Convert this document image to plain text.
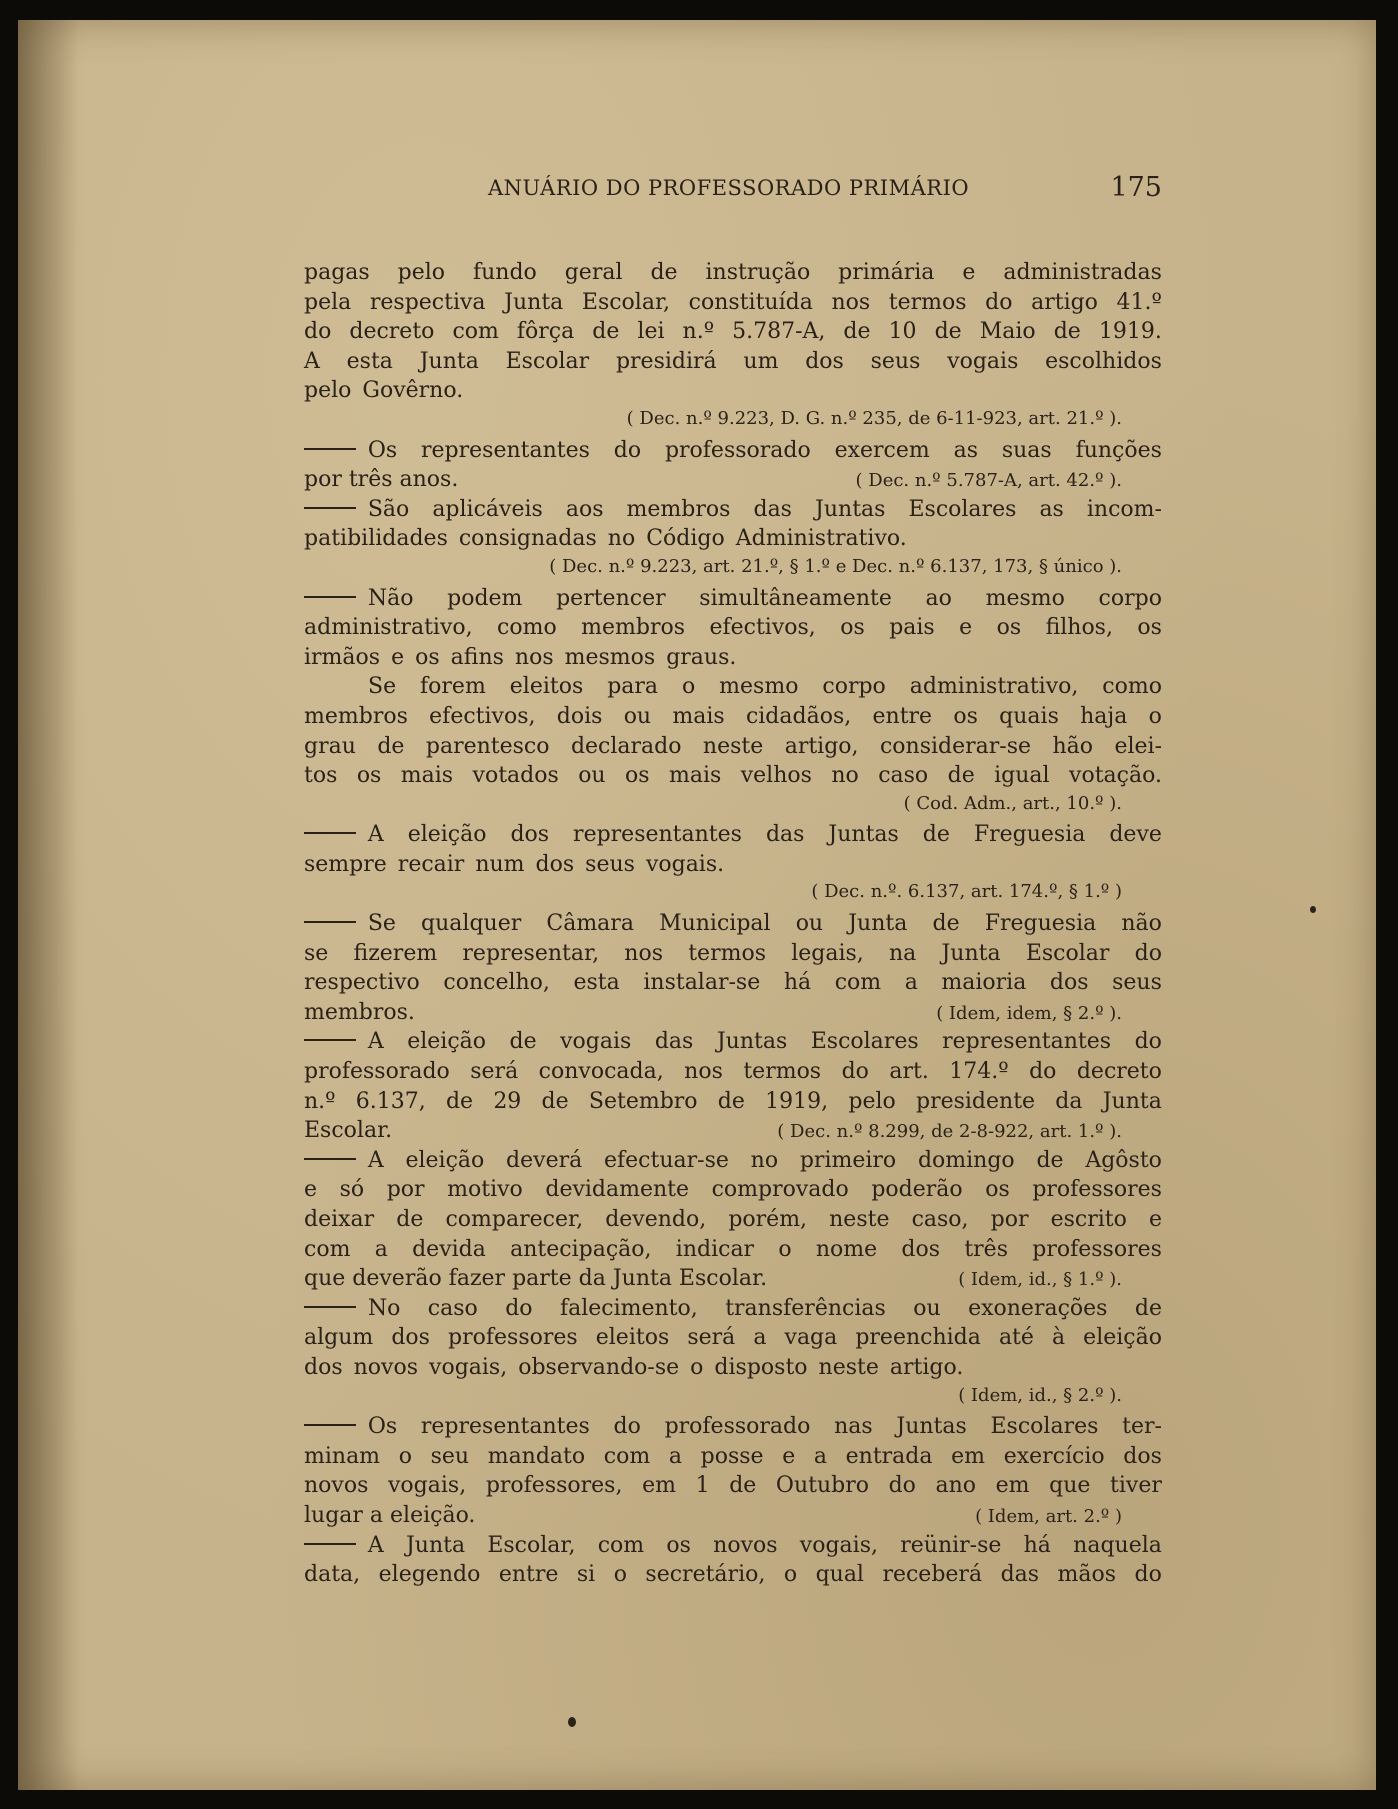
ANUÁRIO DO PROFESSORADO PRIMÁRIO	175
pagas pelo fundo geral de instrução primária e administradas
pela respectiva Junta Escolar, constituída nos termos do artigo 41.º
do decreto com fôrça de lei n.º 5.787-A, de 10 de Maio de 1919.
A esta Junta Escolar presidirá um dos seus vogais escolhidos
pelo Govêrno.
( Dec. n.º 9.223, D. G. n.º 235, de 6-11-923, art. 21.º ).
Os representantes do professorado exercem as suas funções
por três anos.	( Dec. n.º 5.787-A, art. 42.º ).
São aplicáveis aos membros das Juntas Escolares as incom-
patibilidades consignadas no Código Administrativo.
( Dec. n.º 9.223, art. 21.º, § 1.º e Dec. n.º 6.137, 173, § único ).
Não podem pertencer simultâneamente ao mesmo corpo
administrativo, como membros efectivos, os pais e os filhos, os
irmãos e os afins nos mesmos graus.
Se forem eleitos para o mesmo corpo administrativo, como
membros efectivos, dois ou mais cidadãos, entre os quais haja o
grau de parentesco declarado neste artigo, considerar-se hão elei-
tos os mais votados ou os mais velhos no caso de igual votação.
( Cod. Adm., art., 10.º ).
A eleição dos representantes das Juntas de Freguesia deve
sempre recair num dos seus vogais.
( Dec. n.º. 6.137, art. 174.º, § 1.º )
Se qualquer Câmara Municipal ou Junta de Freguesia não
se fizerem representar, nos termos legais, na Junta Escolar do
respectivo concelho, esta instalar-se há com a maioria dos seus
membros.	( Idem, idem, § 2.º ).
A eleição de vogais das Juntas Escolares representantes do
professorado será convocada, nos termos do art. 174.º do decreto
n.º 6.137, de 29 de Setembro de 1919, pelo presidente da Junta
Escolar.	( Dec. n.º 8.299, de 2-8-922, art. 1.º ).
A eleição deverá efectuar-se no primeiro domingo de Agôsto
e só por motivo devidamente comprovado poderão os professores
deixar de comparecer, devendo, porém, neste caso, por escrito e
com a devida antecipação, indicar o nome dos três professores
que deverão fazer parte da Junta Escolar.	( Idem, id., § 1.º ).
No caso do falecimento, transferências ou exonerações de
algum dos professores eleitos será a vaga preenchida até à eleição
dos novos vogais, observando-se o disposto neste artigo.
( Idem, id., § 2.º ).
Os representantes do professorado nas Juntas Escolares ter-
minam o seu mandato com a posse e a entrada em exercício dos
novos vogais, professores, em 1 de Outubro do ano em que tiver
lugar a eleição.	( Idem, art. 2.º )
A Junta Escolar, com os novos vogais, reünir-se há naquela
data, elegendo entre si o secretário, o qual receberá das mãos do
